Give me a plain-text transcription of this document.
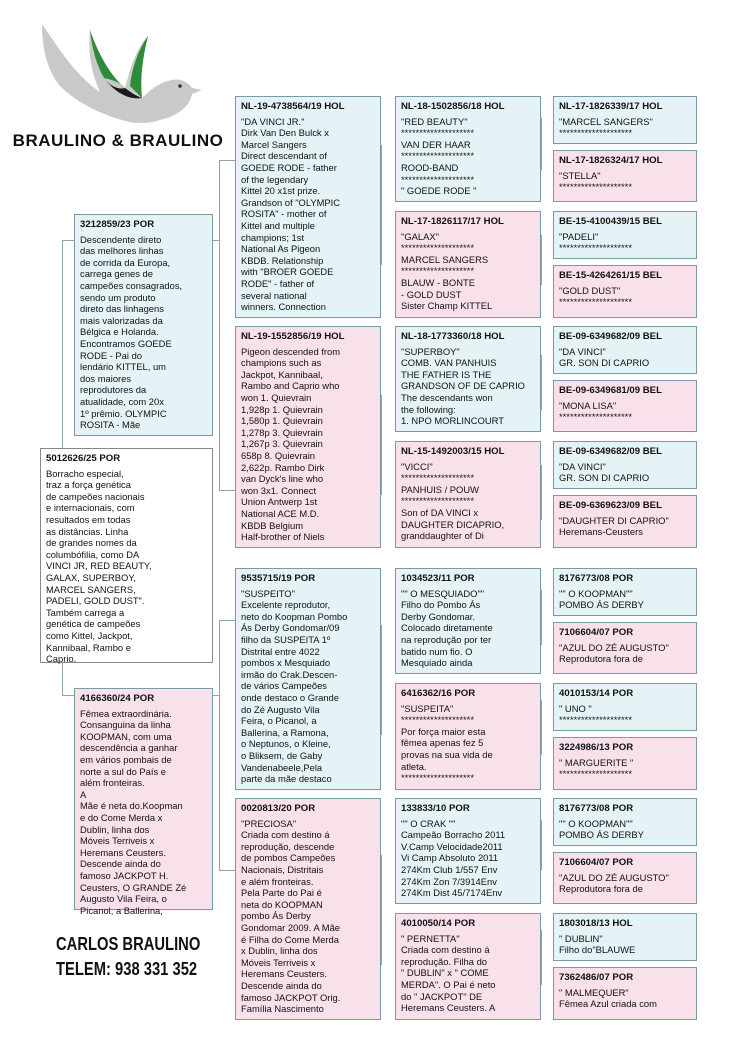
BRAULINO & BRAULINO
5012626/25 POR
Borracho especial,
traz a força genética
de campeões nacionais
e internacionais, com
resultados em todas
as distâncias. Linha
de grandes nomes da
columbófilia, como DA
VINCI JR, RED BEAUTY,
GALAX, SUPERBOY,
MARCEL SANGERS,
PADELI, GOLD DUST".
Também carrega a
genética de campeões
como Kittel, Jackpot,
Kannibaal, Rambo e
Caprio.
3212859/23 POR
Descendente direto
das melhores linhas
de corrida da Europa,
carrega genes de
campeões consagrados,
sendo um produto
direto das linhagens
mais valorizadas da
Bélgica e Holanda.
Encontramos GOEDE
RODE - Pai do
lendário KITTEL, um
dos maiores
reprodutores da
atualidade, com 20x
1º prêmio. OLYMPIC
ROSITA - Mãe
4166360/24 POR
Fêmea extraordinária.
Consanguina da linha
KOOPMAN, com uma
descendência a ganhar
em vários pombais de
norte a sul do País e
além fronteiras.
A
Mãe é neta do.Koopman
e do Come Merda x
Dublin, linha dos
Móveis Terriveis x
Heremans Ceusters.
Descende ainda do
famoso JACKPOT H.
Ceusters, O GRANDE Zé
Augusto Vila Feira, o
Picanol, a Ballerina,
NL-19-4738564/19 HOL
"DA VINCI JR."
Dirk Van Den Bulck x
Marcel Sangers
Direct descendant of
GOEDE RODE - father
of the legendary
Kittel 20 x1st prize.
Grandson of "OLYMPIC
ROSITA" - mother of
Kittel and multiple
champions; 1st
National As Pigeon
KBDB. Relationship
with "BROER GOEDE
RODE" - father of
several national
winners. Connection
NL-19-1552856/19 HOL
Pigeon descended from
champions such as
Jackpot, Kannibaal,
Rambo and Caprio who
won 1. Quievrain
1,928p 1. Quievrain
1,580p 1. Quievrain
1,278p 3. Quievrain
1,267p 3. Quievrain
658p 8. Quievrain
2,622p. Rambo Dirk
van Dyck's line who
won 3x1. Connect
Union Antwerp 1st
National ACE M.D.
KBDB Belgium
Half-brother of Niels
9535715/19 POR
"SUSPEITO"
Excelente reprodutor,
neto do Koopman Pombo
Ás Derby Gondomar/09
filho da SUSPEITA 1º
Distrital entre 4022
pombos x Mesquiado
irmão do Crak.Descen-
de vários Campeões
onde destaco o Grande
do Zé Augusto Vila
Feira, o Picanol, a
Ballerina, a Ramona,
o Neptunos, o Kleine,
o Bliksem, de Gaby
Vandenabeele,Pela
parte da mãe destaco
0020813/20 POR
"PRECIOSA"
Criada com destino á
reprodução, descende
de pombos Campeões
Nacionais, Distritais
e além fronteiras.
Pela Parte do Pai é
neta do KOOPMAN
pombo Ás Derby
Gondomar 2009. A Mãe
é Filha do Come Merda
x Dublin, linha dos
Móveis Terriveis x
Heremans Ceusters.
Descende ainda do
famoso JACKPOT Orig.
Família Nascimento
NL-18-1502856/18 HOL
"RED BEAUTY"
********************
VAN DER HAAR
********************
ROOD-BAND
********************
" GOEDE RODE "
NL-17-1826117/17 HOL
"GALAX"
********************
MARCEL SANGERS
********************
BLAUW - BONTE
- GOLD DUST
Sister Champ KITTEL
NL-18-1773360/18 HOL
"SUPERBOY"
COMB. VAN PANHUIS
THE FATHER IS THE
GRANDSON OF DE CAPRIO
The descendants won
the following:
1. NPO MORLINCOURT
NL-15-1492003/15 HOL
"VICCI"
********************
PANHUIS / POUW
********************
Son of DA VINCI x
DAUGHTER DICAPRIO,
granddaughter of Di
1034523/11 POR
"" O MESQUIADO""
Filho do Pombo Ás
Derby Gondomar.
Colocado diretamente
na reprodução por ter
batido num fio. O
Mesquiado ainda
6416362/16 POR
"SUSPEITA"
********************
Por força maior esta
fêmea apenas fez 5
provas na sua vida de
atleta.
********************
133833/10 POR
"" O CRAK ""
Campeão Borracho 2011
V.Camp Velocidade2011
Vi Camp Absoluto 2011
274Km Club 1/557 Env
274Km Zon 7/3914Env
274Km Dist 45/7174Env
4010050/14 POR
" PERNETTA"
Criada com destino á
reprodução. Filha do
" DUBLIN" x " COME
MERDA". O Pai é neto
do " JACKPOT" DE
Heremans Ceusters. A
NL-17-1826339/17 HOL
"MARCEL SANGERS"
********************
NL-17-1826324/17 HOL
"STELLA"
********************
BE-15-4100439/15 BEL
"PADELI"
********************
BE-15-4264261/15 BEL
"GOLD DUST"
********************
BE-09-6349682/09 BEL
"DA VINCI"
GR. SON DI CAPRIO
BE-09-6349681/09 BEL
"MONA LISA"
********************
BE-09-6349682/09 BEL
"DA VINCI"
GR. SON DI CAPRIO
BE-09-6369623/09 BEL
"DAUGHTER DI CAPRIO"
Heremans-Ceusters
8176773/08 POR
"" O KOOPMAN""
POMBO ÁS DERBY
7106604/07 POR
"AZUL DO ZÉ AUGUSTO"
Reprodutora fora de
4010153/14 POR
" UNO "
********************
3224986/13 POR
" MARGUERITE "
********************
8176773/08 POR
"" O KOOPMAN""
POMBO ÁS DERBY
7106604/07 POR
"AZUL DO ZÉ AUGUSTO"
Reprodutora fora de
1803018/13 HOL
" DUBLIN"
Filho do"BLAUWE
7362486/07 POR
" MALMEQUER"
Fêmea Azul criada com
CARLOS BRAULINO
TELEM: 938 331 352
